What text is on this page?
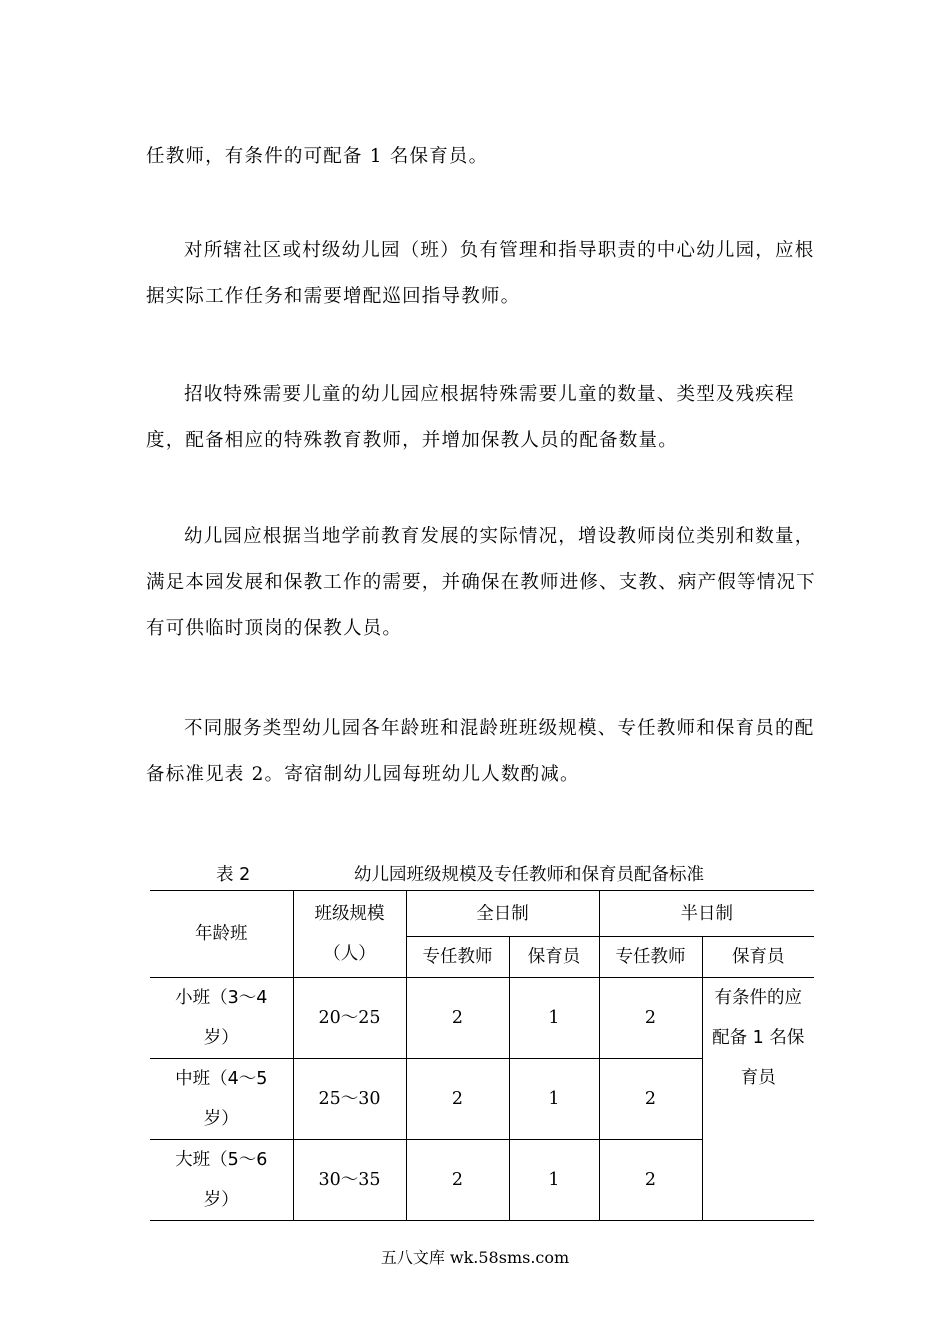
任教师，有条件的可配备 1 名保育员。

对所辖社区或村级幼儿园（班）负有管理和指导职责的中心幼儿园，应根据实际工作任务和需要增配巡回指导教师。

招收特殊需要儿童的幼儿园应根据特殊需要儿童的数量、类型及残疾程度，配备相应的特殊教育教师，并增加保教人员的配备数量。

幼儿园应根据当地学前教育发展的实际情况，增设教师岗位类别和数量，满足本园发展和保教工作的需要，并确保在教师进修、支教、病产假等情况下有可供临时顶岗的保教人员。

不同服务类型幼儿园各年龄班和混龄班班级规模、专任教师和保育员的配备标准见表 2。寄宿制幼儿园每班幼儿人数酌减。

表 2	幼儿园班级规模及专任教师和保育员配备标准
年龄班	班级规模（人）	全日制		半日制	
		专任教师	保育员	专任教师	保育员
小班（3～4岁）	20～25	2	1	2	有条件的应配备 1 名保育员
中班（4～5岁）	25～30	2	1	2	
大班（5～6岁）	30～35	2	1	2	
五八文库 wk.58sms.com
